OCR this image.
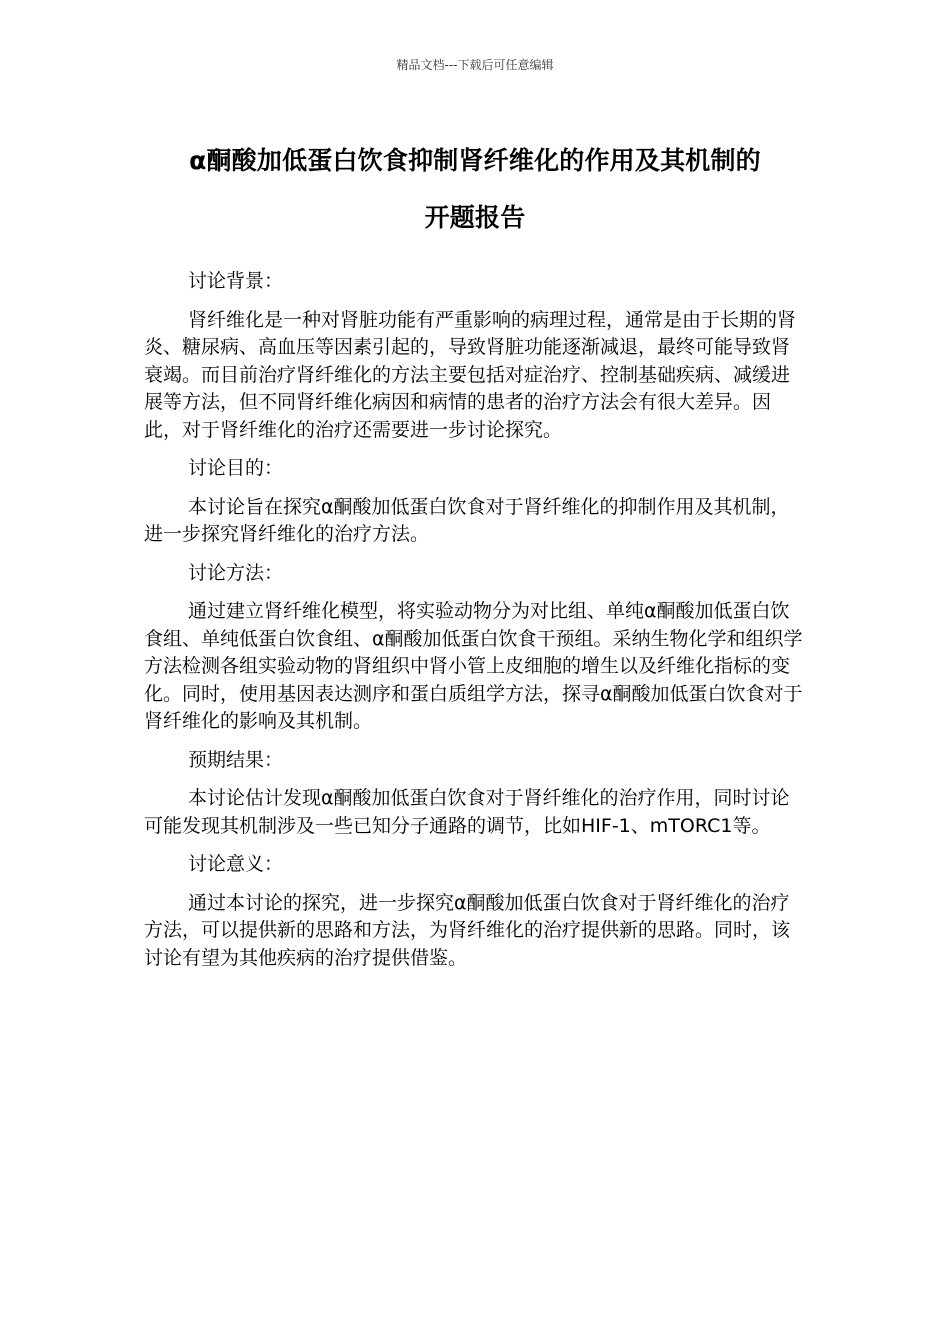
精品文档---下载后可任意编辑
α酮酸加低蛋白饮食抑制肾纤维化的作用及其机制的
开题报告

讨论背景：

肾纤维化是一种对肾脏功能有严重影响的病理过程，通常是由于长期的肾炎、糖尿病、高血压等因素引起的，导致肾脏功能逐渐减退，最终可能导致肾衰竭。而目前治疗肾纤维化的方法主要包括对症治疗、控制基础疾病、减缓进展等方法，但不同肾纤维化病因和病情的患者的治疗方法会有很大差异。因此，对于肾纤维化的治疗还需要进一步讨论探究。

讨论目的：

本讨论旨在探究α酮酸加低蛋白饮食对于肾纤维化的抑制作用及其机制，进一步探究肾纤维化的治疗方法。

讨论方法：

通过建立肾纤维化模型，将实验动物分为对比组、单纯α酮酸加低蛋白饮食组、单纯低蛋白饮食组、α酮酸加低蛋白饮食干预组。采纳生物化学和组织学方法检测各组实验动物的肾组织中肾小管上皮细胞的增生以及纤维化指标的变化。同时，使用基因表达测序和蛋白质组学方法，探寻α酮酸加低蛋白饮食对于肾纤维化的影响及其机制。

预期结果：

本讨论估计发现α酮酸加低蛋白饮食对于肾纤维化的治疗作用，同时讨论可能发现其机制涉及一些已知分子通路的调节，比如HIF-1、mTORC1等。

讨论意义：

通过本讨论的探究，进一步探究α酮酸加低蛋白饮食对于肾纤维化的治疗方法，可以提供新的思路和方法，为肾纤维化的治疗提供新的思路。同时，该讨论有望为其他疾病的治疗提供借鉴。
